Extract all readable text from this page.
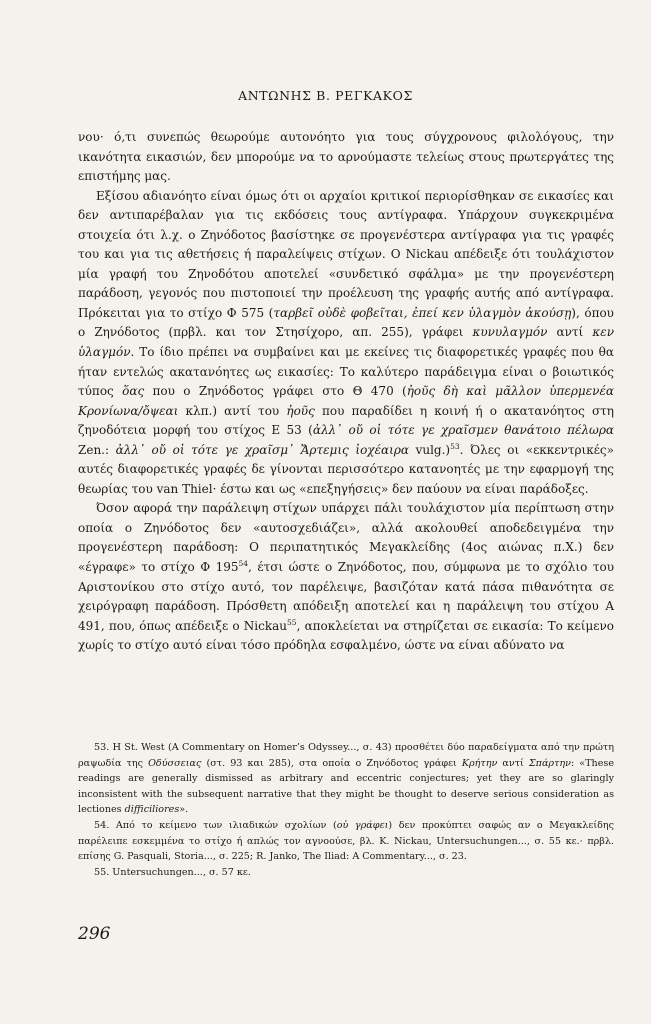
ΑΝΤΩΝΗΣ Β. ΡΕΓΚΑΚΟΣ

νου· ό,τι συνεπώς θεωρούμε αυτονόητο για τους σύγχρονους φιλολόγους, την ικανότητα εικασιών, δεν μπορούμε να το αρνούμαστε τελείως στους πρωτεργάτες της επιστήμης μας.

Εξίσου αδιανόητο είναι όμως ότι οι αρχαίοι κριτικοί περιορίσθηκαν σε εικασίες και δεν αντιπαρέβαλαν για τις εκδόσεις τους αντίγραφα. Υπάρχουν συγκεκριμένα στοιχεία ότι λ.χ. ο Ζηνόδοτος βασίστηκε σε προγενέστερα αντίγραφα για τις γραφές του και για τις αθετήσεις ή παραλείψεις στίχων. Ο Nickau απέδειξε ότι τουλάχιστον μία γραφή του Ζηνοδότου αποτελεί «συνδετικό σφάλμα» με την προγενέστερη παράδοση, γεγονός που πιστοποιεί την προέλευση της γραφής αυτής από αντίγραφα. Πρόκειται για το στίχο Φ 575 (ταρβεῖ οὐδὲ φοβεῖται, ἐπεί κεν ὑλαγμὸν ἀκούσῃ), όπου ο Ζηνόδοτος (πρβλ. και τον Στησίχορο, απ. 255), γράφει κυνυλαγμόν αντί κεν ὑλαγμόν. Το ίδιο πρέπει να συμβαίνει και με εκείνες τις διαφορετικές γραφές που θα ήταν εντελώς ακατανόητες ως εικασίες: Το καλύτερο παράδειγμα είναι ο βοιωτικός τύπος ὅας που ο Ζηνόδοτος γράφει στο Θ 470 (ἠοῦς δὴ καὶ μᾶλλον ὑπερμενέα Κρονίωνα/ὄψεαι κλπ.) αντί του ἠοῦς που παραδίδει η κοινή ή ο ακατανόητος στη ζηνοδότεια μορφή του στίχος Ε 53 (ἀλλ᾽ οὔ οἱ τότε γε χραῖσμεν θανάτοιο πέλωρα Zen.: ἀλλ᾽ οὔ οἱ τότε γε χραῖσμ᾽ Ἄρτεμις ἰοχέαιρα vulg.)$^{53}$. Όλες οι «εκκεντρικές» αυτές διαφορετικές γραφές δε γίνονται περισσότερο κατανοητές με την εφαρμογή της θεωρίας του van Thiel· έστω και ως «επεξηγήσεις» δεν παύουν να είναι παράδοξες.

Όσον αφορά την παράλειψη στίχων υπάρχει πάλι τουλάχιστον μία περίπτωση στην οποία ο Ζηνόδοτος δεν «αυτοσχεδιάζει», αλλά ακολουθεί αποδεδειγμένα την προγενέστερη παράδοση: Ο περιπατητικός Μεγακλείδης (4ος αιώνας π.Χ.) δεν «έγραφε» το στίχο Φ $195^{54}$, έτσι ώστε ο Ζηνόδοτος, που, σύμφωνα με το σχόλιο του Αριστονίκου στο στίχο αυτό, τον παρέλειψε, βασιζόταν κατά πάσα πιθανότητα σε χειρόγραφη παράδοση. Πρόσθετη απόδειξη αποτελεί και η παράλειψη του στίχου Α 491, που, όπως απέδειξε ο Nickau$^{55}$, αποκλείεται να στηρίζεται σε εικασία: Το κείμενο χωρίς το στίχο αυτό είναι τόσο πρόδηλα εσφαλμένο, ώστε να είναι αδύνατο να

53. Η St. West (A Commentary on Homer’s Odyssey..., σ. 43) προσθέτει δύο παραδείγματα από την πρώτη ραψωδία της Οδύσσειας (στ. 93 και 285), στα οποία ο Ζηνόδοτος γράφει Κρήτην αντί Σπάρτην: «These readings are generally dismissed as arbitrary and eccentric conjectures; yet they are so glaringly inconsistent with the subsequent narrative that they might be thought to deserve serious consideration as lectiones difficiliores».

54. Από το κείμενο των ιλιαδικών σχολίων (οὐ γράφει) δεν προκύπτει σαφώς αν ο Μεγακλείδης παρέλειπε εσκεμμένα το στίχο ή απλώς τον αγνοούσε, βλ. K. Nickau, Untersuchungen..., σ. 55 κε.· πρβλ. επίσης G. Pasquali, Storia..., σ. 225; R. Janko, The Iliad: A Commentary..., σ. 23.

55. Untersuchungen..., σ. 57 κε.

296
